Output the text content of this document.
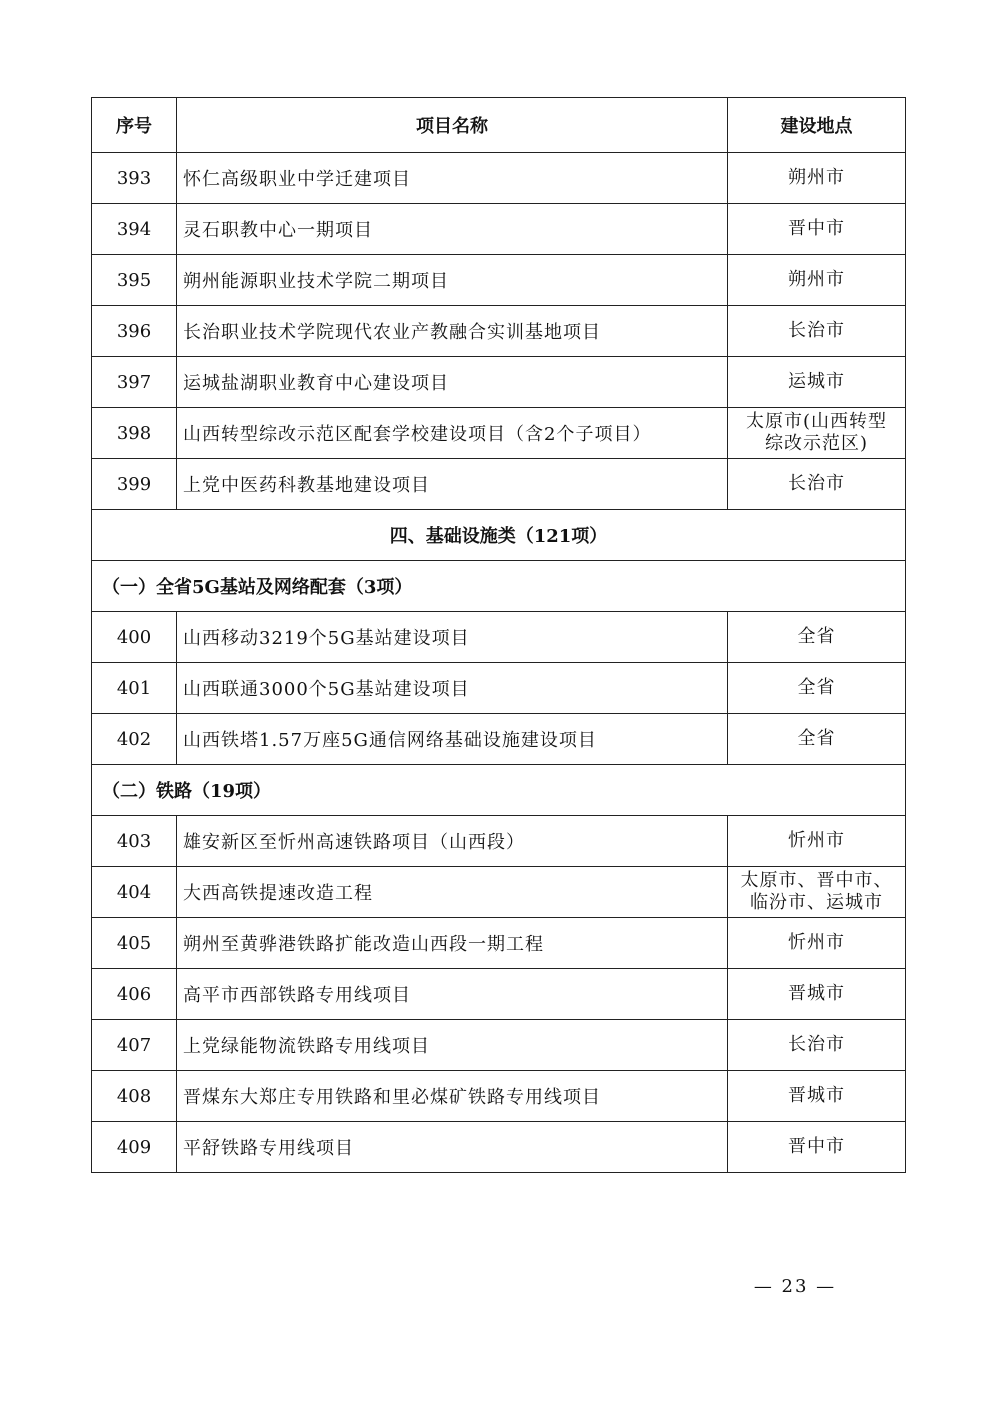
序号	项目名称	建设地点
393	怀仁高级职业中学迁建项目	朔州市
394	灵石职教中心一期项目	晋中市
395	朔州能源职业技术学院二期项目	朔州市
396	长治职业技术学院现代农业产教融合实训基地项目	长治市
397	运城盐湖职业教育中心建设项目	运城市
398	山西转型综改示范区配套学校建设项目（含2个子项目）	太原市(山西转型
综改示范区)

399	上党中医药科教基地建设项目	长治市
四、基础设施类（121项）		
（一）全省5G基站及网络配套（3项）		
400	山西移动3219个5G基站建设项目	全省
401	山西联通3000个5G基站建设项目	全省
402	山西铁塔1.57万座5G通信网络基础设施建设项目	全省
（二）铁路（19项）		
403	雄安新区至忻州高速铁路项目（山西段）	忻州市
404	大西高铁提速改造工程	太原市、晋中市、
临汾市、运城市

405	朔州至黄骅港铁路扩能改造山西段一期工程	忻州市
406	高平市西部铁路专用线项目	晋城市
407	上党绿能物流铁路专用线项目	长治市
408	晋煤东大郑庄专用铁路和里必煤矿铁路专用线项目	晋城市
409	平舒铁路专用线项目	晋中市
— 23 —
